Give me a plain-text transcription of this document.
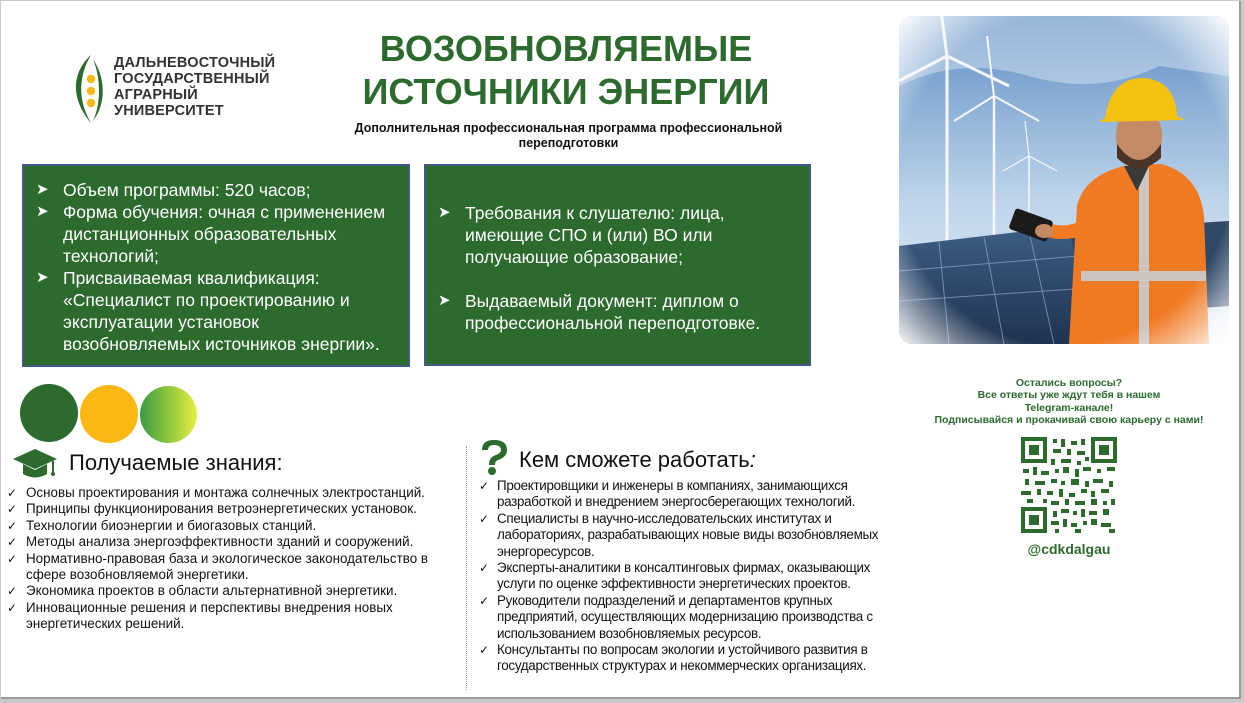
ДАЛЬНЕВОСТОЧНЫЙ
ГОСУДАРСТВЕННЫЙ
АГРАРНЫЙ
УНИВЕРСИТЕТ
ВОЗОБНОВЛЯЕМЫЕ
ИСТОЧНИКИ ЭНЕРГИИ
Дополнительная профессиональная программа профессиональной переподготовки
➤ Объем программы: 520 часов;
➤ Форма обучения: очная с применением дистанционных образовательных технологий;
➤ Присваиваемая квалификация: «Специалист по проектированию и эксплуатации установок возобновляемых источников энергии».
➤ Требования к слушателю: лица, имеющие СПО и (или) ВО или получающие образование;
➤ Выдаваемый документ: диплом о профессиональной переподготовке.
Получаемые знания:
✓ Основы проектирования и монтажа солнечных электростанций.
✓ Принципы функционирования ветроэнергетических установок.
✓ Технологии биоэнергии и биогазовых станций.
✓ Методы анализа энергоэффективности зданий и сооружений.
✓ Нормативно-правовая база и экологическое законодательство в сфере возобновляемой энергетики.
✓ Экономика проектов в области альтернативной энергетики.
✓ Инновационные решения и перспективы внедрения новых энергетических решений.
Кем сможете работать:
✓ Проектировщики и инженеры в компаниях, занимающихся разработкой и внедрением энергосберегающих технологий.
✓ Специалисты в научно-исследовательских институтах и лабораториях, разрабатывающих новые виды возобновляемых энергоресурсов.
✓ Эксперты-аналитики в консалтинговых фирмах, оказывающих услуги по оценке эффективности энергетических проектов.
✓ Руководители подразделений и департаментов крупных предприятий, осуществляющих модернизацию производства с использованием возобновляемых ресурсов.
✓ Консультанты по вопросам экологии и устойчивого развития в государственных структурах и некоммерческих организациях.
Остались вопросы?
Все ответы уже ждут тебя в нашем
Telegram-канале!
Подписывайся и прокачивай свою карьеру с нами!
@cdkdalgau
